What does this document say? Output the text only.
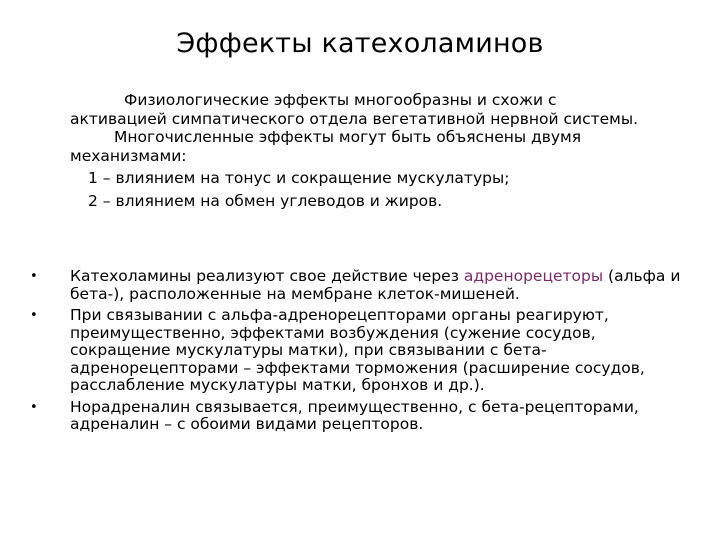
Эффекты катехоламинов

Физиологические эффекты многообразны и схожи с активацией симпатического отдела вегетативной нервной системы.

Многочисленные эффекты могут быть объяснены двумя механизмами:

1 – влиянием на тонус и сокращение мускулатуры;

2 – влиянием на обмен углеводов и жиров.

• Катехоламины реализуют свое действие через адренорецеторы (альфа и бета-), расположенные на мембране клеток-мишеней.
• При связывании с альфа-адренорецепторами органы реагируют, преимущественно, эффектами возбуждения (сужение сосудов, сокращение мускулатуры матки), при связывании с бета-адренорецепторами – эффектами торможения (расширение сосудов, расслабление мускулатуры матки, бронхов и др.).
• Норадреналин связывается, преимущественно, с бета-рецепторами, адреналин – с обоими видами рецепторов.
